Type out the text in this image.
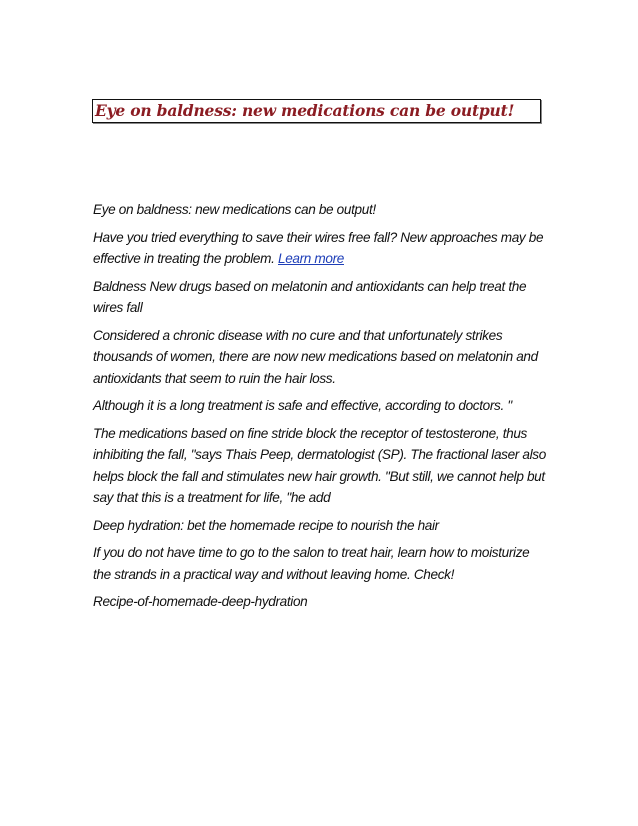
Eye on baldness: new medications can be output!

Eye on baldness: new medications can be output!

Have you tried everything to save their wires free fall? New approaches may be effective in treating the problem. Learn more

Baldness New drugs based on melatonin and antioxidants can help treat the wires fall

Considered a chronic disease with no cure and that unfortunately strikes thousands of women, there are now new medications based on melatonin and antioxidants that seem to ruin the hair loss.

Although it is a long treatment is safe and effective, according to doctors. "

The medications based on fine stride block the receptor of testosterone, thus inhibiting the fall, "says Thais Peep, dermatologist (SP). The fractional laser also helps block the fall and stimulates new hair growth. "But still, we cannot help but say that this is a treatment for life, "he add

Deep hydration: bet the homemade recipe to nourish the hair

If you do not have time to go to the salon to treat hair, learn how to moisturize the strands in a practical way and without leaving home. Check!

Recipe-of-homemade-deep-hydration
